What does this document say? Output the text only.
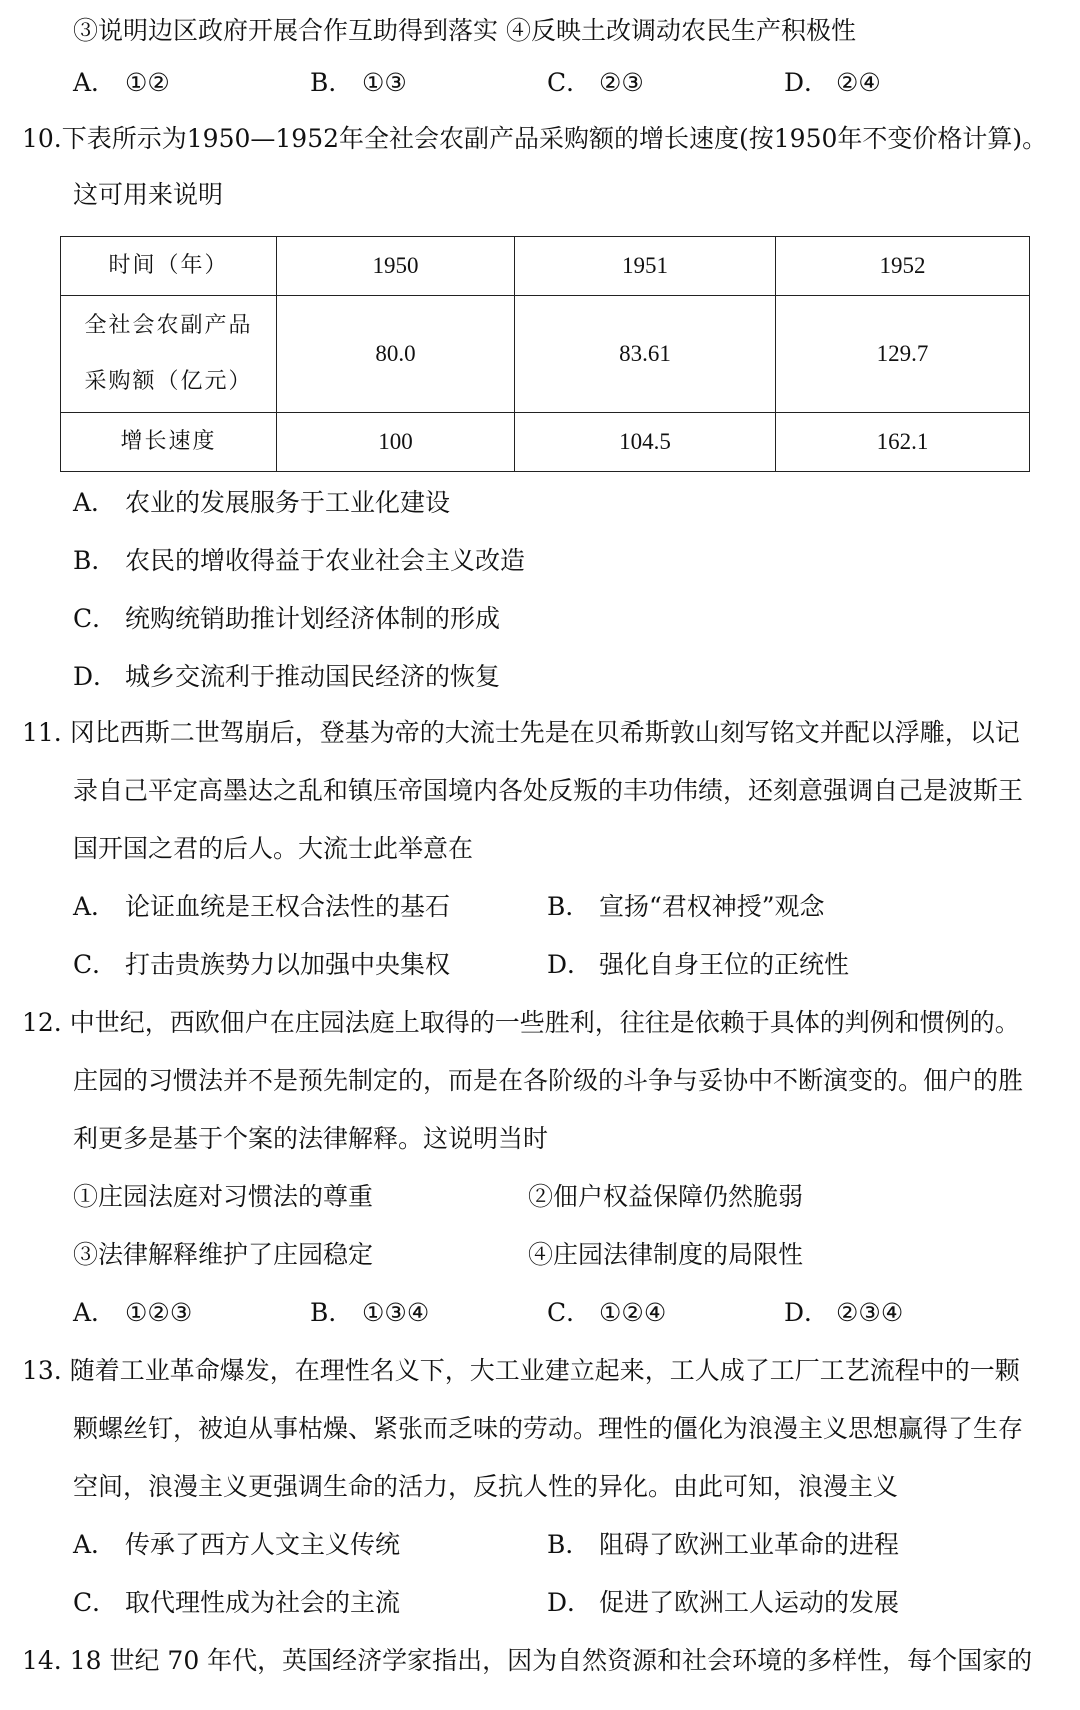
③说明边区政府开展合作互助得到落实 ④反映土改调动农民生产积极性
A． ①②	B． ①③	C． ②③	D． ②④
10.下表所示为1950—1952年全社会农副产品采购额的增长速度(按1950年不变价格计算)。
这可用来说明
时间（年）	1950	1951	1952
全社会农副产品
采购额（亿元）	80.0	83.61	129.7
增长速度	100	104.5	162.1
A． 农业的发展服务于工业化建设
B． 农民的增收得益于农业社会主义改造
C． 统购统销助推计划经济体制的形成
D． 城乡交流利于推动国民经济的恢复
11. 冈比西斯二世驾崩后，登基为帝的大流士先是在贝希斯敦山刻写铭文并配以浮雕，以记
录自己平定高墨达之乱和镇压帝国境内各处反叛的丰功伟绩，还刻意强调自己是波斯王
国开国之君的后人。大流士此举意在
A． 论证血统是王权合法性的基石	B． 宣扬“君权神授”观念
C． 打击贵族势力以加强中央集权	D． 强化自身王位的正统性
12. 中世纪，西欧佃户在庄园法庭上取得的一些胜利，往往是依赖于具体的判例和惯例的。
庄园的习惯法并不是预先制定的，而是在各阶级的斗争与妥协中不断演变的。佃户的胜
利更多是基于个案的法律解释。这说明当时
①庄园法庭对习惯法的尊重	②佃户权益保障仍然脆弱
③法律解释维护了庄园稳定	④庄园法律制度的局限性
A． ①②③	B． ①③④	C． ①②④	D． ②③④
13. 随着工业革命爆发，在理性名义下，大工业建立起来，工人成了工厂工艺流程中的一颗
颗螺丝钉，被迫从事枯燥、紧张而乏味的劳动。理性的僵化为浪漫主义思想赢得了生存
空间，浪漫主义更强调生命的活力，反抗人性的异化。由此可知，浪漫主义
A． 传承了西方人文主义传统	B． 阻碍了欧洲工业革命的进程
C． 取代理性成为社会的主流	D． 促进了欧洲工人运动的发展
14. 18 世纪 70 年代，英国经济学家指出，因为自然资源和社会环境的多样性，每个国家的
